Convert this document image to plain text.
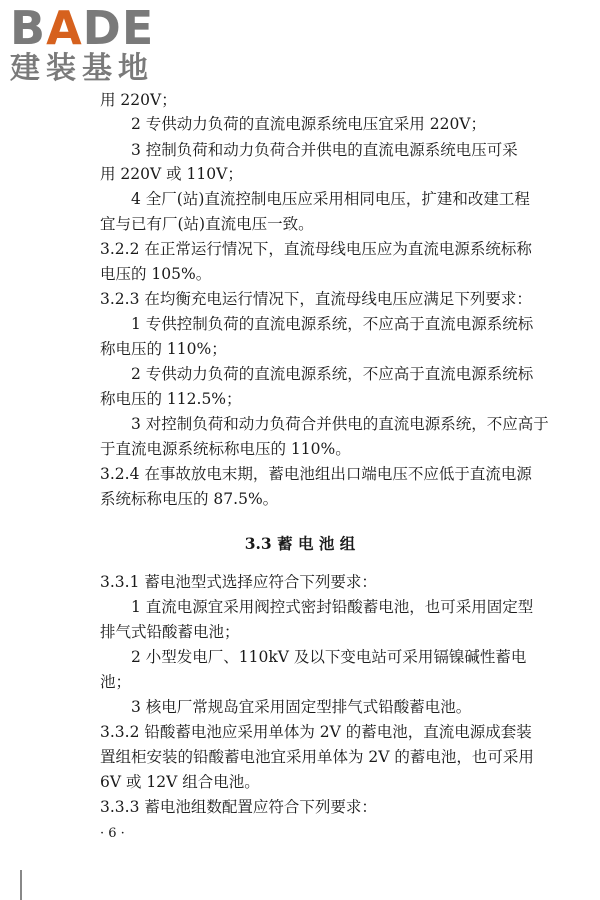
BADE
建装基地
用 220V；
2 专供动力负荷的直流电源系统电压宜采用 220V；
3 控制负荷和动力负荷合并供电的直流电源系统电压可采
用 220V 或 110V；
4 全厂(站)直流控制电压应采用相同电压，扩建和改建工程
宜与已有厂(站)直流电压一致。
3.2.2 在正常运行情况下，直流母线电压应为直流电源系统标称
电压的 105%。
3.2.3 在均衡充电运行情况下，直流母线电压应满足下列要求：
1 专供控制负荷的直流电源系统，不应高于直流电源系统标
称电压的 110%；
2 专供动力负荷的直流电源系统，不应高于直流电源系统标
称电压的 112.5%；
3 对控制负荷和动力负荷合并供电的直流电源系统，不应高于
于直流电源系统标称电压的 110%。
3.2.4 在事故放电末期，蓄电池组出口端电压不应低于直流电源
系统标称电压的 87.5%。
3.3 蓄 电 池 组
3.3.1 蓄电池型式选择应符合下列要求：
1 直流电源宜采用阀控式密封铅酸蓄电池，也可采用固定型
排气式铅酸蓄电池；
2 小型发电厂、110kV 及以下变电站可采用镉镍碱性蓄电
池；
3 核电厂常规岛宜采用固定型排气式铅酸蓄电池。
3.3.2 铅酸蓄电池应采用单体为 2V 的蓄电池，直流电源成套装
置组柜安装的铅酸蓄电池宜采用单体为 2V 的蓄电池，也可采用
6V 或 12V 组合电池。
3.3.3 蓄电池组数配置应符合下列要求：
· 6 ·
